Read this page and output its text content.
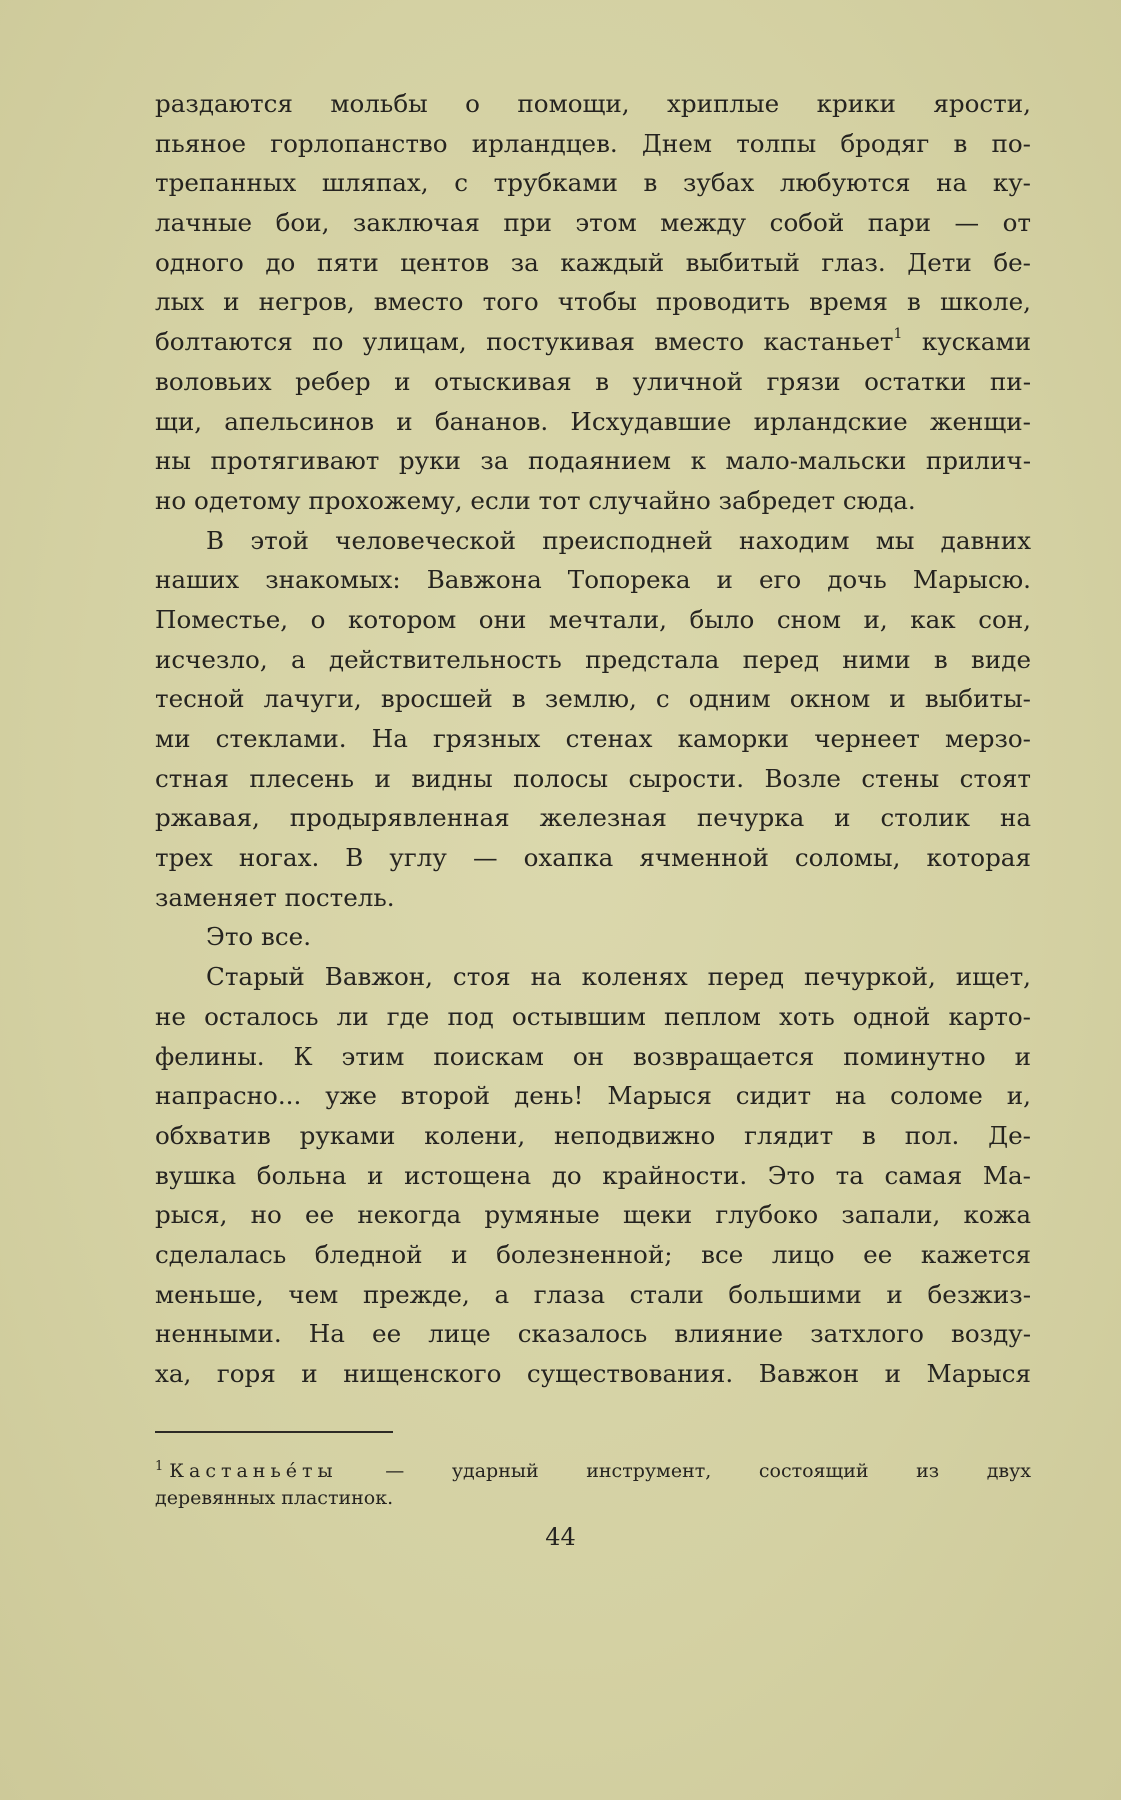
раздаются мольбы о помощи, хриплые крики ярости,
пьяное горлопанство ирландцев. Днем толпы бродяг в по-
трепанных шляпах, с трубками в зубах любуются на ку-
лачные бои, заключая при этом между собой пари — от
одного до пяти центов за каждый выбитый глаз. Дети бе-
лых и негров, вместо того чтобы проводить время в школе,
болтаются по улицам, постукивая вместо кастаньет$^1$ кусками
воловьих ребер и отыскивая в уличной грязи остатки пи-
щи, апельсинов и бананов. Исхудавшие ирландские женщи-
ны протягивают руки за подаянием к мало-мальски прилич-
но одетому прохожему, если тот случайно забредет сюда.
В этой человеческой преисподней находим мы давних
наших знакомых: Вавжона Топорека и его дочь Марысю.
Поместье, о котором они мечтали, было сном и, как сон,
исчезло, а действительность предстала перед ними в виде
тесной лачуги, вросшей в землю, с одним окном и выбиты-
ми стеклами. На грязных стенах каморки чернеет мерзо-
стная плесень и видны полосы сырости. Возле стены стоят
ржавая, продырявленная железная печурка и столик на
трех ногах. В углу — охапка ячменной соломы, которая
заменяет постель.
Это все.
Старый Вавжон, стоя на коленях перед печуркой, ищет,
не осталось ли где под остывшим пеплом хоть одной карто-
фелины. К этим поискам он возвращается поминутно и
напрасно... уже второй день! Марыся сидит на соломе и,
обхватив руками колени, неподвижно глядит в пол. Де-
вушка больна и истощена до крайности. Это та самая Ма-
рыся, но ее некогда румяные щеки глубоко запали, кожа
сделалась бледной и болезненной; все лицо ее кажется
меньше, чем прежде, а глаза стали большими и безжиз-
ненными. На ее лице сказалось влияние затхлого возду-
ха, горя и нищенского существования. Вавжон и Марыся
$^1$ Кастаньéты	— ударный инструмент, состоящий из двух
деревянных пластинок.
44
